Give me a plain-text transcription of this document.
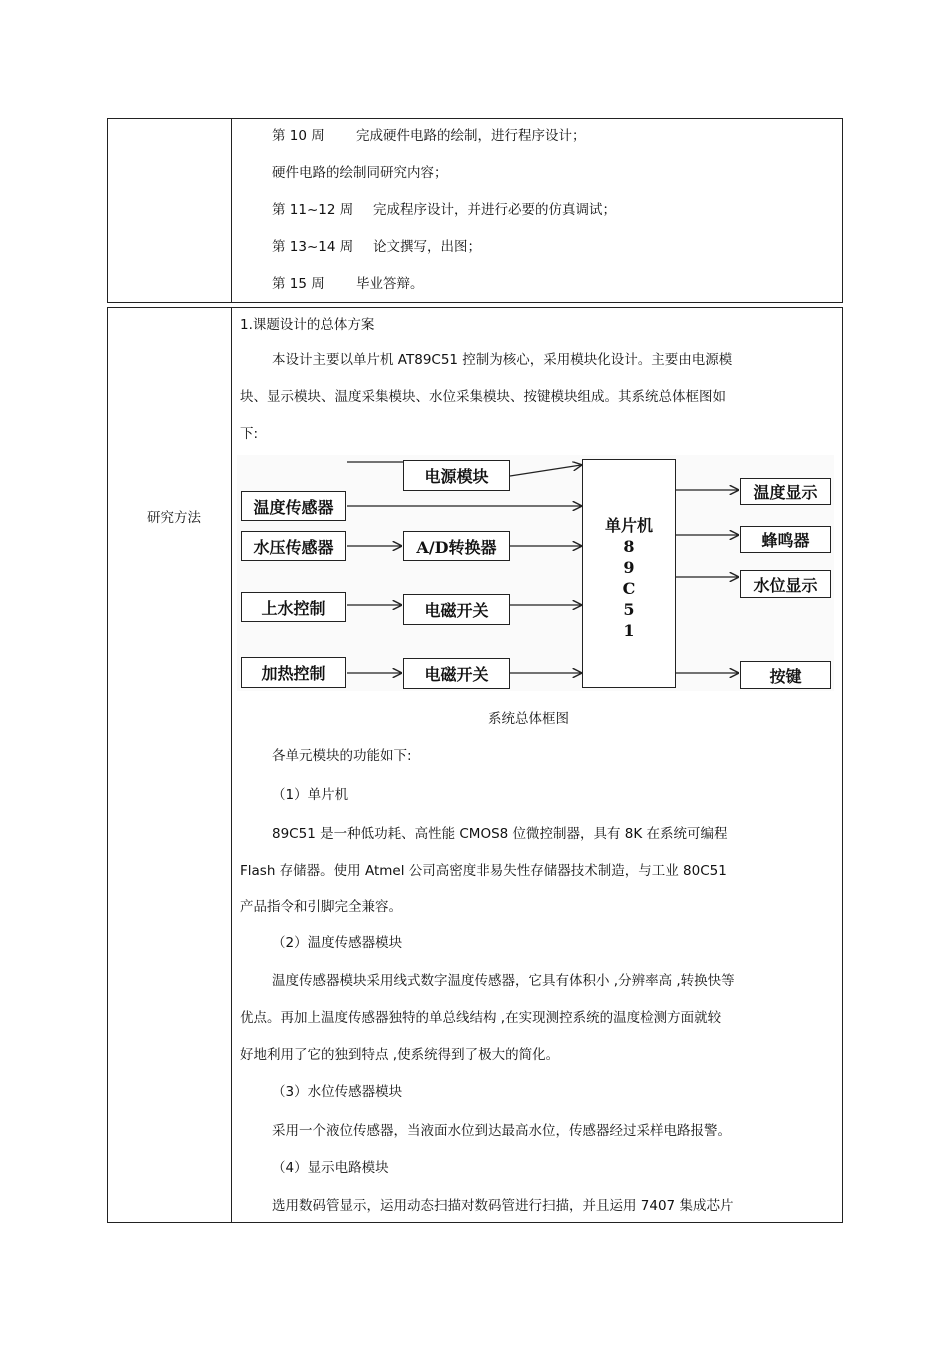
第 10 周 完成硬件电路的绘制，进行程序设计；
硬件电路的绘制同研究内容；
第 11~12 周 完成程序设计，并进行必要的仿真调试；
第 13~14 周 论文撰写，出图；
第 15 周 毕业答辩。
研究方法
1.课题设计的总体方案
本设计主要以单片机 AT89C51 控制为核心，采用模块化设计。主要由电源模
块、显示模块、温度采集模块、水位采集模块、按键模块组成。其系统总体框图如
下:
电源模块
温度传感器
水压传感器	A/D转换器
上水控制	电磁开关
加热控制	电磁开关
单片机
8
9
C
5
1
温度显示
蜂鸣器
水位显示
按键
系统总体框图
各单元模块的功能如下:
（1）单片机
89C51 是一种低功耗、高性能 CMOS8 位微控制器，具有 8K 在系统可编程
Flash 存储器。使用 Atmel 公司高密度非易失性存储器技术制造，与工业 80C51
产品指令和引脚完全兼容。
（2）温度传感器模块
温度传感器模块采用线式数字温度传感器，它具有体积小 ,分辨率高 ,转换快等
优点。再加上温度传感器独特的单总线结构 ,在实现测控系统的温度检测方面就较
好地利用了它的独到特点 ,使系统得到了极大的简化。
（3）水位传感器模块
采用一个液位传感器，当液面水位到达最高水位，传感器经过采样电路报警。
（4）显示电路模块
选用数码管显示，运用动态扫描对数码管进行扫描，并且运用 7407 集成芯片
